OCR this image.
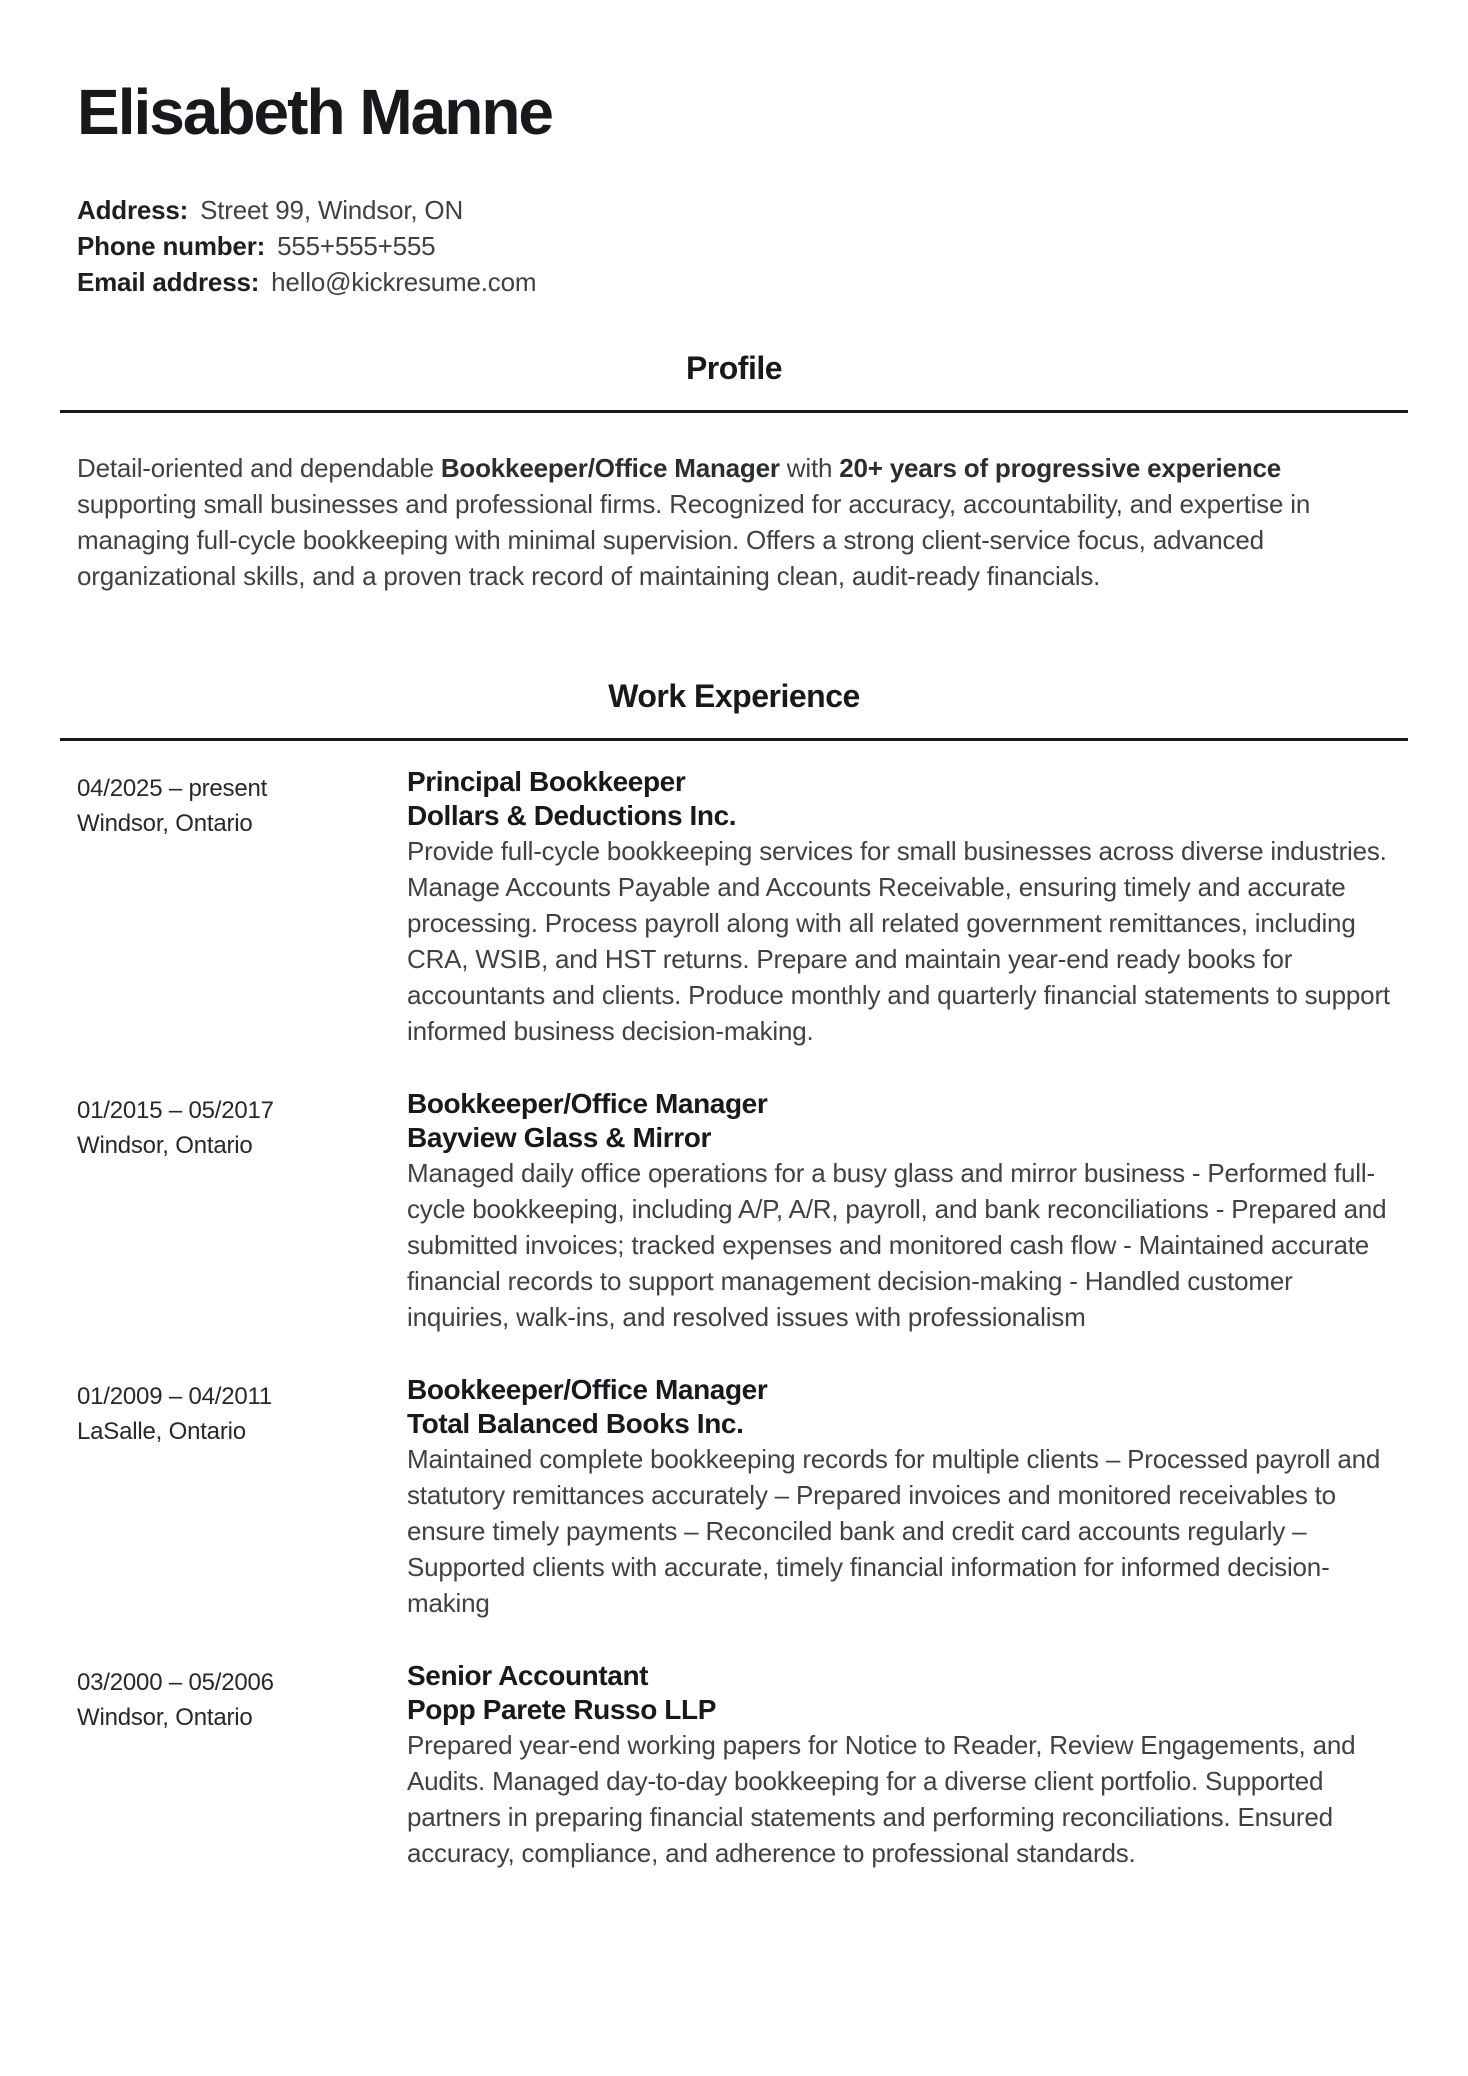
Elisabeth Manne
Address: Street 99, Windsor, ON
Phone number: 555+555+555
Email address: hello@kickresume.com
Profile

Detail-oriented and dependable Bookkeeper/Office Manager with 20+ years of progressive experience supporting small businesses and professional firms. Recognized for accuracy, accountability, and expertise in managing full-cycle bookkeeping with minimal supervision. Offers a strong client-service focus, advanced organizational skills, and a proven track record of maintaining clean, audit-ready financials.

Work Experience
04/2025 – present
Windsor, Ontario
Principal Bookkeeper
Dollars & Deductions Inc.
Provide full-cycle bookkeeping services for small businesses across diverse industries. Manage Accounts Payable and Accounts Receivable, ensuring timely and accurate processing. Process payroll along with all related government remittances, including CRA, WSIB, and HST returns. Prepare and maintain year-end ready books for accountants and clients. Produce monthly and quarterly financial statements to support informed business decision-making.
01/2015 – 05/2017
Windsor, Ontario
Bookkeeper/Office Manager
Bayview Glass & Mirror
Managed daily office operations for a busy glass and mirror business - Performed full-cycle bookkeeping, including A/P, A/R, payroll, and bank reconciliations - Prepared and submitted invoices; tracked expenses and monitored cash flow - Maintained accurate financial records to support management decision-making - Handled customer inquiries, walk-ins, and resolved issues with professionalism
01/2009 – 04/2011
LaSalle, Ontario
Bookkeeper/Office Manager
Total Balanced Books Inc.
Maintained complete bookkeeping records for multiple clients – Processed payroll and statutory remittances accurately – Prepared invoices and monitored receivables to ensure timely payments – Reconciled bank and credit card accounts regularly – Supported clients with accurate, timely financial information for informed decision-making
03/2000 – 05/2006
Windsor, Ontario
Senior Accountant
Popp Parete Russo LLP
Prepared year-end working papers for Notice to Reader, Review Engagements, and Audits. Managed day-to-day bookkeeping for a diverse client portfolio. Supported partners in preparing financial statements and performing reconciliations. Ensured accuracy, compliance, and adherence to professional standards.
